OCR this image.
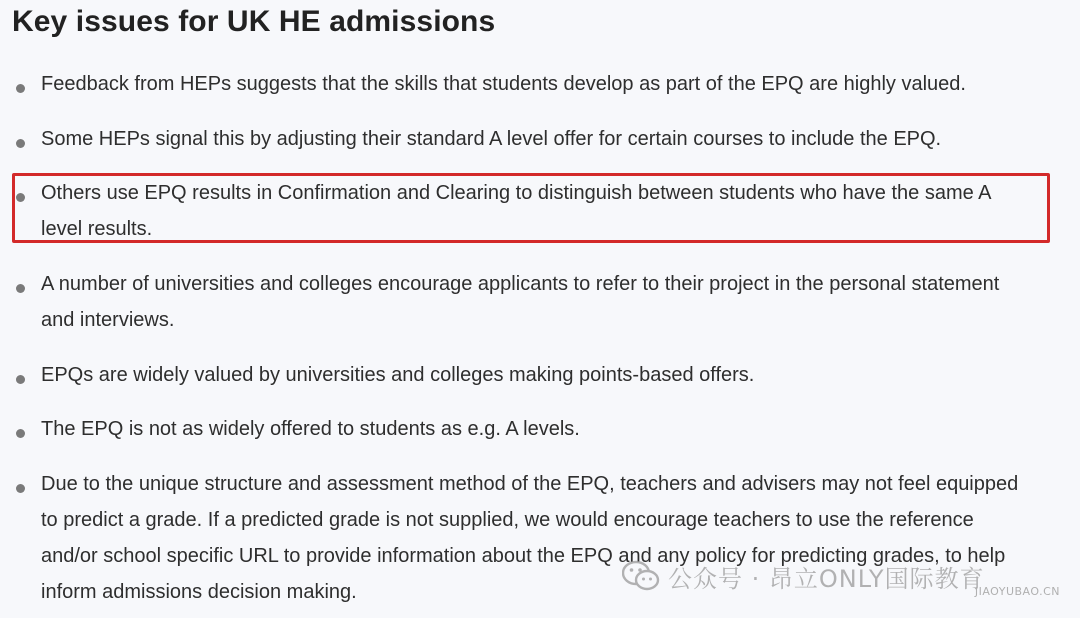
Key issues for UK HE admissions
Feedback from HEPs suggests that the skills that students develop as part of the EPQ are highly valued.
Some HEPs signal this by adjusting their standard A level offer for certain courses to include the EPQ.
Others use EPQ results in Confirmation and Clearing to distinguish between students who have the same A
level results.
A number of universities and colleges encourage applicants to refer to their project in the personal statement
and interviews.
EPQs are widely valued by universities and colleges making points-based offers.
The EPQ is not as widely offered to students as e.g. A levels.
Due to the unique structure and assessment method of the EPQ, teachers and advisers may not feel equipped
to predict a grade. If a predicted grade is not supplied, we would encourage teachers to use the reference
and/or school specific URL to provide information about the EPQ and any policy for predicting grades, to help
inform admissions decision making.	公众号 · 昂立ONLY国际教育
JIAOYUBAO.CN
